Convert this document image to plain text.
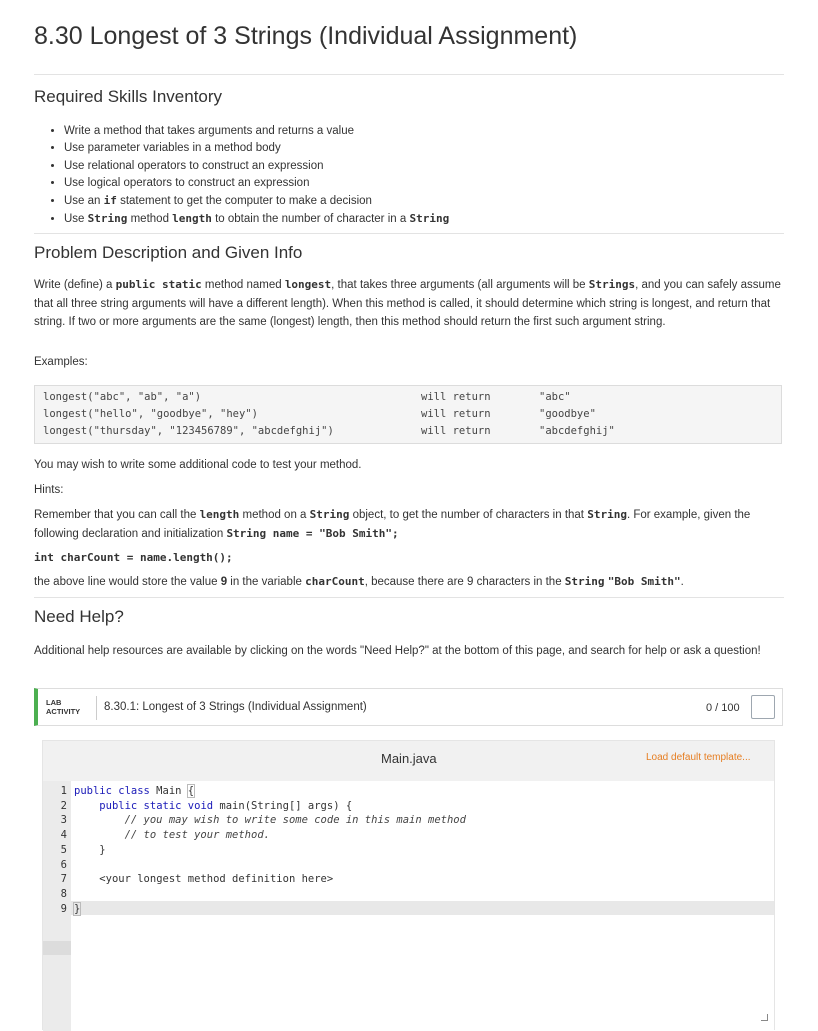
8.30 Longest of 3 Strings (Individual Assignment)
Required Skills Inventory
• Write a method that takes arguments and returns a value
• Use parameter variables in a method body
• Use relational operators to construct an expression
• Use logical operators to construct an expression
• Use an if statement to get the computer to make a decision
• Use String method length to obtain the number of character in a String
Problem Description and Given Info

Write (define) a public static method named longest, that takes three arguments (all arguments will be Strings, and you can safely assume that all three string arguments will have a different length). When this method is called, it should determine which string is longest, and return that string. If two or more arguments are the same (longest) length, then this method should return the first such argument string.

Examples:

longest("abc", "ab", "a")	will return	"abc"
longest("hello", "goodbye", "hey")	will return	"goodbye"
longest("thursday", "123456789", "abcdefghij")	will return	"abcdefghij"

You may wish to write some additional code to test your method.

Hints:

Remember that you can call the length method on a String object, to get the number of characters in that String. For example, given the following declaration and initialization String name = "Bob Smith";

int charCount = name.length();

the above line would store the value 9 in the variable charCount, because there are 9 characters in the String "Bob Smith".

Need Help?

Additional help resources are available by clicking on the words "Need Help?" at the bottom of this page, and search for help or ask a question!

LAB
ACTIVITY 8.30.1: Longest of 3 Strings (Individual Assignment)	0 / 100
Main.java	Load default template...
1
2
3
4
5
6
7
8
9
public class Main {
public static void main(String[] args) {
// you may wish to write some code in this main method
// to test your method.
}
<your longest method definition here>
}
